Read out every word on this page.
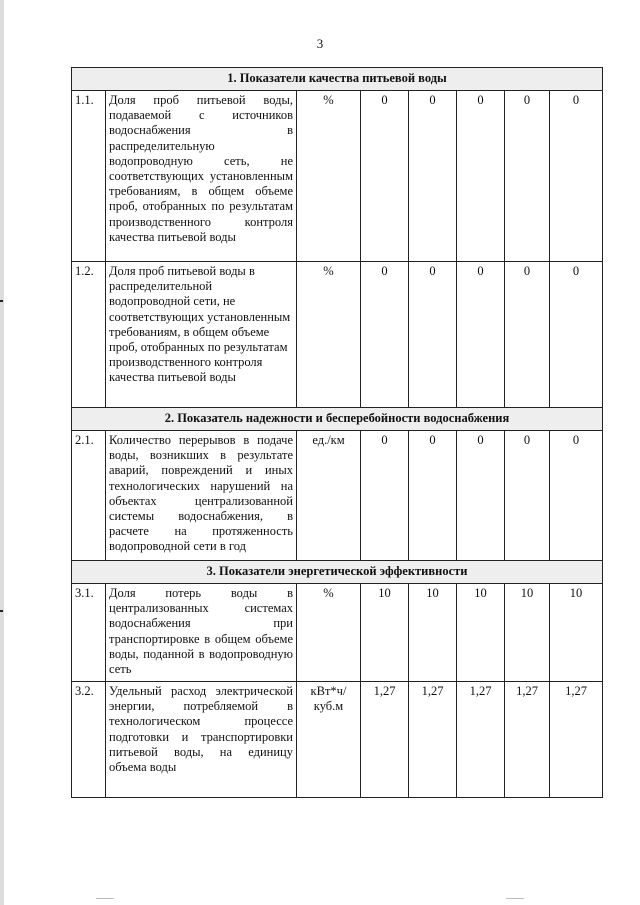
3
1. Показатели качества питьевой воды							
1.1.	Доля проб питьевой воды, подаваемой с источников водоснабжения в распределительную водопроводную сеть, не соответствующих установленным требованиям, в общем объеме проб, отобранных по результатам производственного контроля качества питьевой воды	%	0	0	0	0	0
1.2.	Доля проб питьевой воды в распределительной водопроводной сети, не соответствующих установленным требованиям, в общем объеме проб, отобранных по результатам производственного контроля качества питьевой воды	%	0	0	0	0	0
2. Показатель надежности и бесперебойности водоснабжения							
2.1.	Количество перерывов в подаче воды, возникших в результате аварий, повреждений и иных технологических нарушений на объектах централизованной системы водоснабжения, в расчете на протяженность водопроводной сети в год	ед./км	0	0	0	0	0
3. Показатели энергетической эффективности							
3.1.	Доля потерь воды в централизованных системах водоснабжения при транспортировке в общем объеме воды, поданной в водопроводную сеть	%	10	10	10	10	10
3.2.	Удельный расход электрической энергии, потребляемой в технологическом процессе подготовки и транспортировки питьевой воды, на единицу объема воды	кВт*ч/ куб.м	1,27	1,27	1,27	1,27	1,27
